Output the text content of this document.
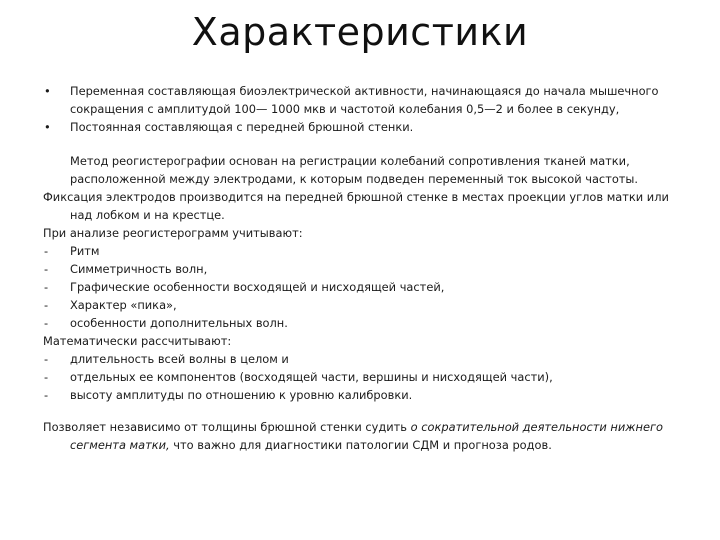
Характеристики
• Переменная составляющая биоэлектрической активности, начинающаяся до начала мышечного сокращения с амплитудой 100— 1000 мкв и частотой колебания 0,5—2 и более в секунду,
• Постоянная составляющая с передней брюшной стенки.
Метод реогистерографии основан на регистрации колебаний сопротивления тканей матки, расположенной между электродами, к которым подведен переменный ток высокой частоты.
Фиксация электродов производится на передней брюшной стенке в местах проекции углов матки или над лобком и на крестце.
При анализе реогистерограмм учитывают:
- Ритм
- Симметричность волн,
- Графические особенности восходящей и нисходящей частей,
- Характер «пика»,
- особенности дополнительных волн.
Математически рассчитывают:
- длительность всей волны в целом и
- отдельных ее компонентов (восходящей части, вершины и нисходящей части),
- высоту амплитуды по отношению к уровню калибровки.
Позволяет независимо от толщины брюшной стенки судить о сократительной деятельности нижнего сегмента матки, что важно для диагностики патологии СДМ и прогноза родов.
